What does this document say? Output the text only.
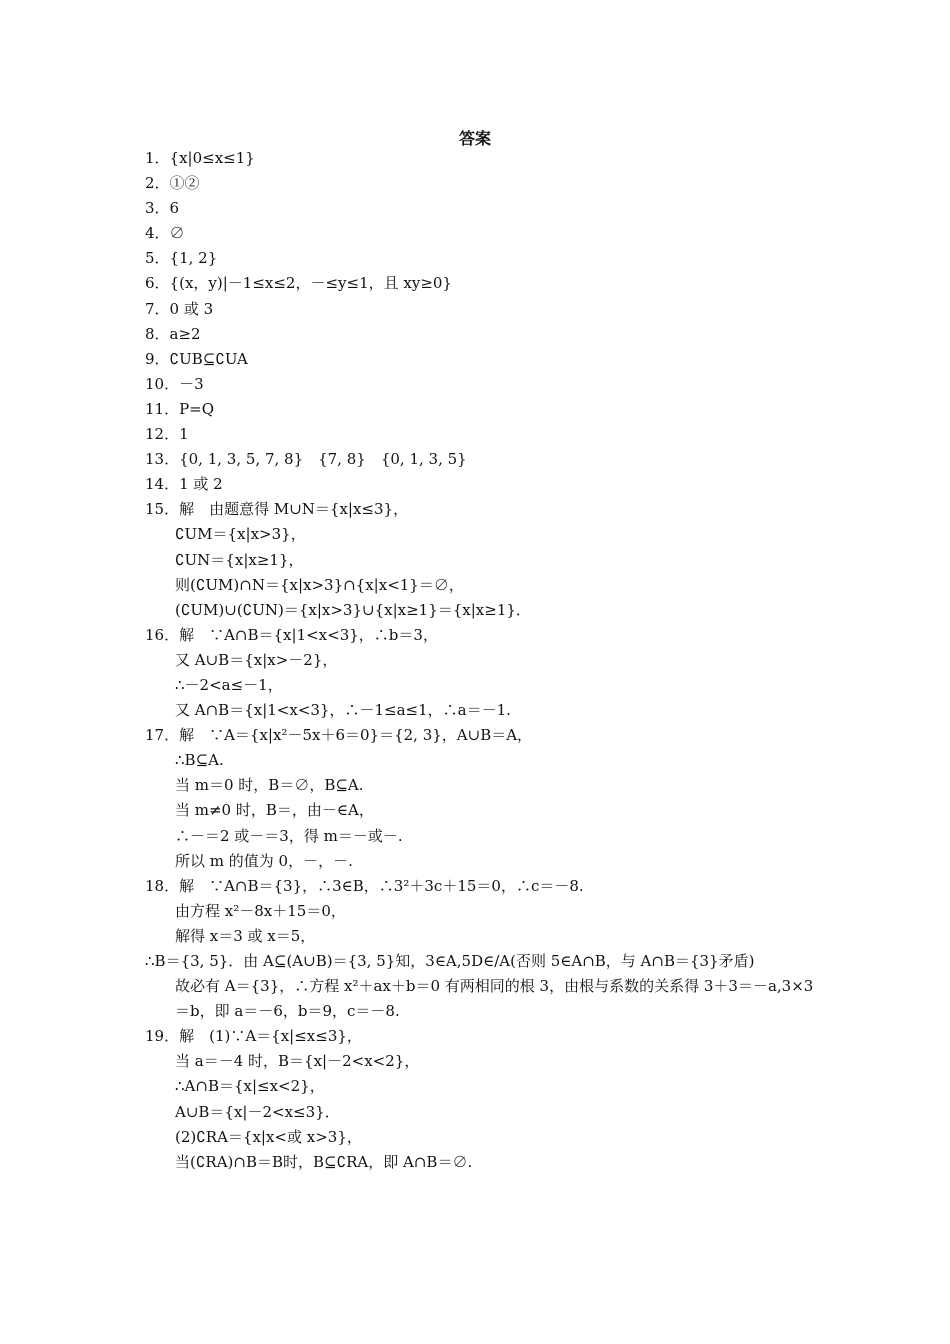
答案
1．{x|0≤x≤1}
2．①②
3．6
4．∅
5．{1, 2}
6．{(x，y)|－1≤x≤2，－≤y≤1，且 xy≥0}
7．0 或 3
8．a≥2
9．∁UB⊆∁UA
10．－3
11．P=Q
12．1
13．{0, 1, 3, 5, 7, 8}　{7, 8}　{0, 1, 3, 5}
14．1 或 2
15．解　由题意得 M∪N＝{x|x≤3}，
∁UM＝{x|x>3}，
∁UN＝{x|x≥1}，
则(∁UM)∩N＝{x|x>3}∩{x|x<1}＝∅，
(∁UM)∪(∁UN)＝{x|x>3}∪{x|x≥1}＝{x|x≥1}．
16．解　∵A∩B＝{x|1<x<3}，∴b＝3，
又 A∪B＝{x|x>－2}，
∴－2<a≤－1，
又 A∩B＝{x|1<x<3}，∴－1≤a≤1，∴a＝－1.
17．解　∵A＝{x|x²－5x＋6＝0}＝{2, 3}，A∪B＝A，
∴B⊆A.
当 m＝0 时，B＝∅，B⊆A.
当 m≠0 时，B＝，由－∈A，
∴－＝2 或－＝3，得 m＝－或－.
所以 m 的值为 0，－，－.
18．解　∵A∩B＝{3}，∴3∈B，∴3²＋3c＋15＝0，∴c＝－8.
由方程 x²－8x＋15＝0，
解得 x＝3 或 x＝5，
∴B＝{3, 5}．由 A⊆(A∪B)＝{3, 5}知，3∈A,5D∈/A(否则 5∈A∩B，与 A∩B＝{3}矛盾)
故必有 A＝{3}，∴方程 x²＋ax＋b＝0 有两相同的根 3，由根与系数的关系得 3＋3＝－a,3×3＝b，即 a＝－6，b＝9，c＝－8.
19．解　(1)∵A＝{x|≤x≤3}，
当 a＝－4 时，B＝{x|－2<x<2}，
∴A∩B＝{x|≤x<2}，
A∪B＝{x|－2<x≤3}．
(2)∁RA＝{x|x<或 x>3}，
当(∁RA)∩B＝B时，B⊆∁RA，即 A∩B＝∅.
